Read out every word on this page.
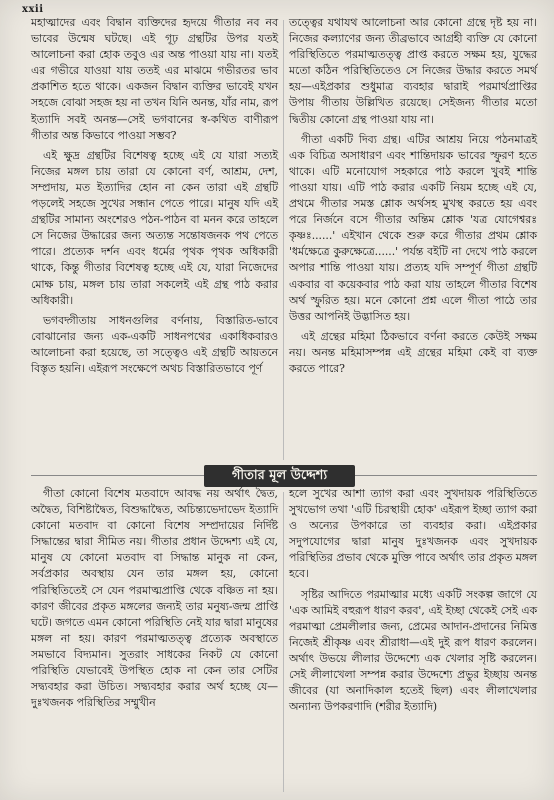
xxii

মহাত্মাদের এবং বিদ্বান ব্যক্তিদের হৃদয়ে গীতার নব নব ভাবের উন্মেষ ঘটছে। এই গূঢ় গ্রন্থটির উপর যতই আলোচনা করা হোক তবুও এর অন্ত পাওয়া যায় না। যতই এর গভীরে যাওয়া যায় ততই এর মাঝমে গভীরতর ভাব প্রকাশিত হতে থাকে। একজন বিদ্বান ব্যক্তির ভাবেই যখন সহজে বোঝা সহজ হয় না তখন যিনি অনন্ত, যাঁর নাম, রূপ ইত্যাদি সবই অনন্ত—সেই ভগবানের স্ব-কথিত বাণীরূপ গীতার অন্ত কিভাবে পাওয়া সম্ভব?

এই ক্ষুদ্র গ্রন্থটির বিশেষত্ব হচ্ছে এই যে যারা সত্যই নিজের মঙ্গল চায় তারা যে কোনো বর্ণ, আশ্রম, দেশ, সম্প্রদায়, মত ইত্যাদির হোন না কেন তারা এই গ্রন্থটি পড়লেই সহজে সুখের সন্ধান পেতে পারে। মানুষ যদি এই গ্রন্থটির সামান্য অংশেরও পঠন-পাঠন বা মনন করে তাহলে সে নিজের উদ্ধারের জন্য অত্যন্ত সন্তোষজনক পথ পেতে পারে। প্রত্যেক দর্শন এবং ধর্মের পৃথক পৃথক অধিকারী থাকে, কিন্তু গীতার বিশেষত্ব হচ্ছে এই যে, যারা নিজেদের মোক্ষ চায়, মঙ্গল চায় তারা সকলেই এই গ্রন্থ পাঠ করার অধিকারী।

ভগবদ্গীতায় সাধনগুলির বর্ণনায়, বিস্তারিত-ভাবে বোঝানোর জন্য এক-একটি সাধনপথের একাধিকবারও আলোচনা করা হয়েছে, তা সত্ত্বেও এই গ্রন্থটি আয়তনে বিস্তৃত হয়নি। এইরূপ সংক্ষেপে অথচ বিস্তারিতভাবে পূর্ণ

তত্ত্বের যথাযথ আলোচনা আর কোনো গ্রন্থে দৃষ্ট হয় না। নিজের কল্যাণের জন্য তীব্রভাবে আগ্রহী ব্যক্তি যে কোনো পরিস্থিতিতে পরমাত্মতত্ত্ব প্রাপ্ত করতে সক্ষম হয়, যুদ্ধের মতো কঠিন পরিস্থিতিতেও সে নিজের উদ্ধার করতে সমর্থ হয়—এইপ্রকার শুধুমাত্র ব্যবহার দ্বারাই পরমার্থপ্রাপ্তির উপায় গীতায় উল্লিখিত রয়েছে। সেইজন্য গীতার মতো দ্বিতীয় কোনো গ্রন্থ পাওয়া যায় না।

গীতা একটি দিব্য গ্রন্থ। এটির আশ্রয় নিয়ে পঠনমাত্রই এক বিচিত্র অসাধারণ এবং শান্তিদায়ক ভাবের স্ফুরণ হতে থাকে। এটি মনোযোগ সহকারে পাঠ করলে খুবই শান্তি পাওয়া যায়। এটি পাঠ করার একটি নিয়ম হচ্ছে এই যে, প্রথমে গীতার সমস্ত শ্লোক অর্থসহ মুখস্থ করতে হয় এবং পরে নির্জনে বসে গীতার অন্তিম শ্লোক 'যত্র যোগেশ্বরঃ কৃষ্ণঃ......' এইখান থেকে শুরু করে গীতার প্রথম শ্লোক 'ধর্মক্ষেত্রে কুরুক্ষেত্রে......' পর্যন্ত বইটি না দেখে পাঠ করলে অপার শান্তি পাওয়া যায়। প্রত্যহ যদি সম্পূর্ণ গীতা গ্রন্থটি একবার বা কয়েকবার পাঠ করা যায় তাহলে গীতার বিশেষ অর্থ স্ফুরিত হয়। মনে কোনো প্রশ্ন এলে গীতা পাঠে তার উত্তর আপনিই উদ্ভাসিত হয়।

এই গ্রন্থের মহিমা ঠিকভাবে বর্ণনা করতে কেউই সক্ষম নয়। অনন্ত মহিমাসম্পন্ন এই গ্রন্থের মহিমা কেই বা ব্যক্ত করতে পারে?

গীতার মূল উদ্দেশ্য

গীতা কোনো বিশেষ মতবাদে আবদ্ধ নয় অর্থাৎ দ্বৈত, অদ্বৈত, বিশিষ্টাদ্বৈত, বিশুদ্ধাদ্বৈত, অচিন্ত্যভেদাভেদ ইত্যাদি কোনো মতবাদ বা কোনো বিশেষ সম্প্রদায়ের নির্দিষ্ট সিদ্ধান্তের দ্বারা সীমিত নয়। গীতার প্রধান উদ্দেশ্য এই যে, মানুষ যে কোনো মতবাদ বা সিদ্ধান্ত মানুক না কেন, সর্বপ্রকার অবস্থায় যেন তার মঙ্গল হয়, কোনো পরিস্থিতিতেই সে যেন পরমাত্মপ্রাপ্তি থেকে বঞ্চিত না হয়। কারণ জীবের প্রকৃত মঙ্গলের জন্যই তার মনুষ্য-জন্ম প্রাপ্তি ঘটে। জগতে এমন কোনো পরিস্থিতি নেই যার দ্বারা মানুষের মঙ্গল না হয়। কারণ পরমাত্মতত্ত্ব প্রত্যেক অবস্থাতে সমভাবে বিদ্যমান। সুতরাং সাধকের নিকট যে কোনো পরিস্থিতি যেভাবেই উপস্থিত হোক না কেন তার সেটির সদ্ব্যবহার করা উচিত। সদ্ব্যবহার করার অর্থ হচ্ছে যে—দুঃখজনক পরিস্থিতির সম্মুখীন

হলে সুখের আশা ত্যাগ করা এবং সুখদায়ক পরিস্থিতিতে সুখভোগ তথা 'এটি চিরস্থায়ী হোক' এইরূপ ইচ্ছা ত্যাগ করা ও অন্যের উপকারে তা ব্যবহার করা। এইপ্রকার সদুপযোগের দ্বারা মানুষ দুঃখজনক এবং সুখদায়ক পরিস্থিতির প্রভাব থেকে মুক্তি পাবে অর্থাৎ তার প্রকৃত মঙ্গল হবে।

সৃষ্টির আদিতে পরমাত্মার মধ্যে একটি সংকল্প জাগে যে 'এক আমিই বহুরূপ ধারণ করব', এই ইচ্ছা থেকেই সেই এক পরমাত্মা প্রেমলীলার জন্য, প্রেমের আদান-প্রদানের নিমিত্ত নিজেই শ্রীকৃষ্ণ এবং শ্রীরাধা—এই দুই রূপ ধারণ করলেন। অর্থাৎ উভয়ে লীলার উদ্দেশ্যে এক খেলার সৃষ্টি করলেন। সেই লীলাখেলা সম্পন্ন করার উদ্দেশ্যে প্রভুর ইচ্ছায় অনন্ত জীবের (যা অনাদিকাল হতেই ছিল) এবং লীলাখেলার অন্যান্য উপকরণাদি (শরীর ইত্যাদি)
